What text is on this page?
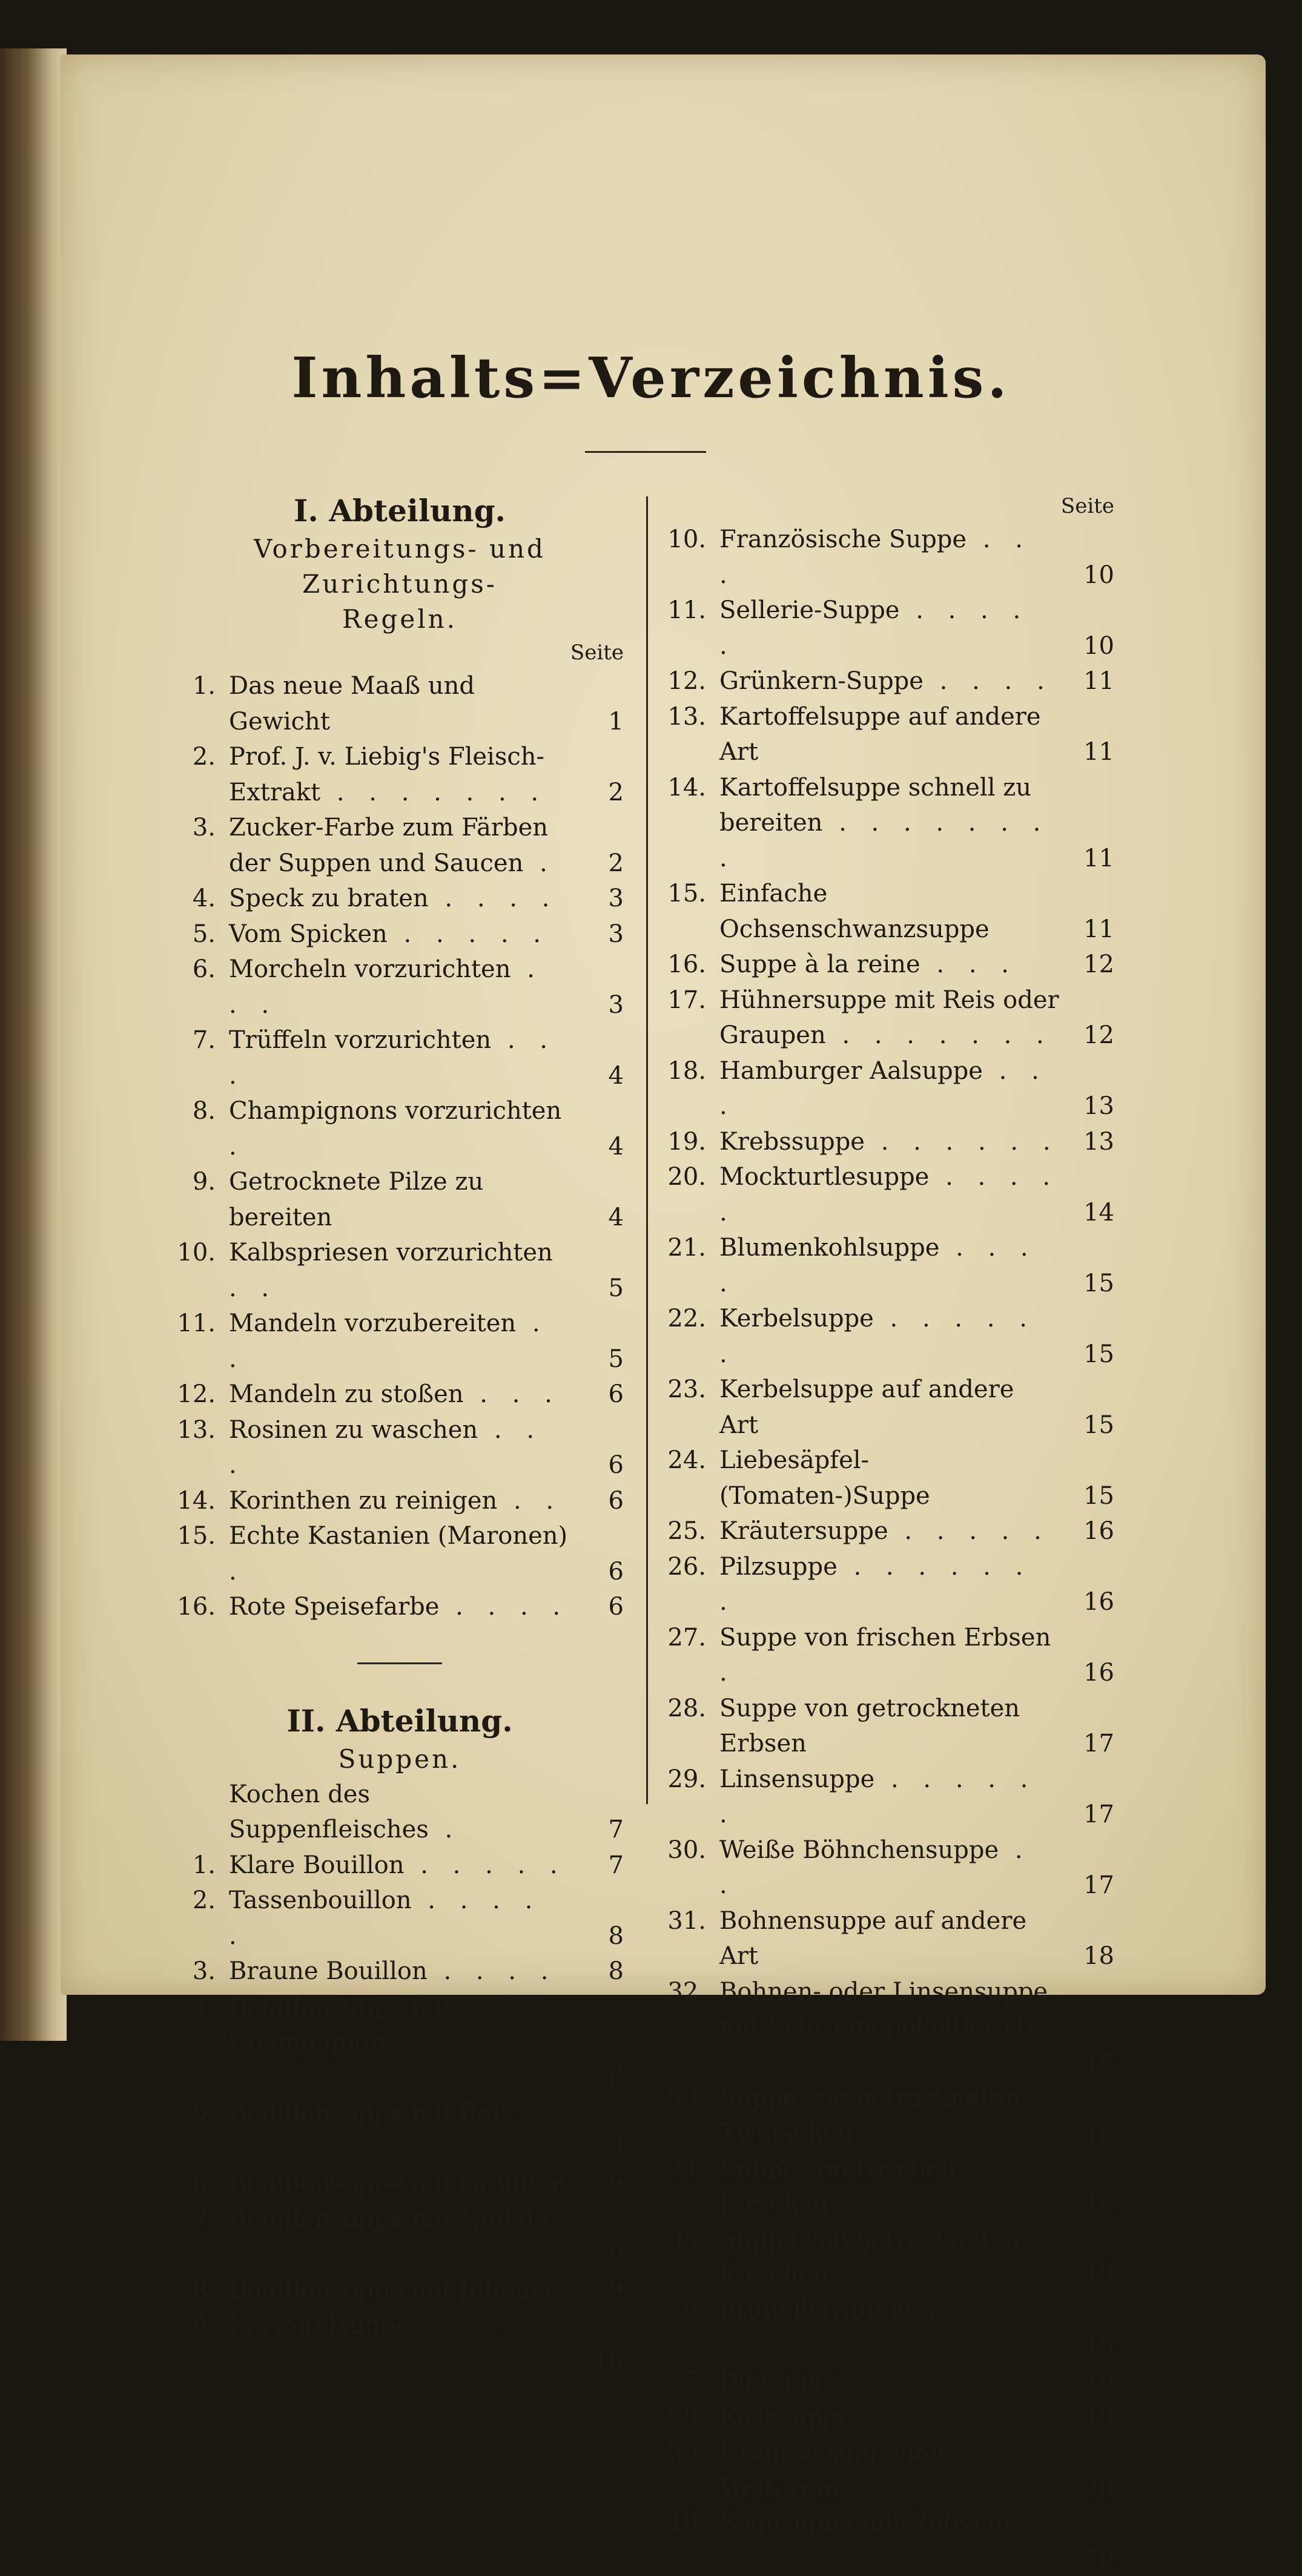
Inhalts=Verzeichnis.
I. Abteilung.
Vorbereitungs- und Zurichtungs-
Regeln.
Seite
1. Das neue Maaß und Gewicht	1
2. Prof. J. v. Liebig's Fleisch-Extrakt . . . . . . .	2
3. Zucker-Farbe zum Färben der Suppen und Saucen .	2
4. Speck zu braten . . . .	3
5. Vom Spicken . . . . .	3
6. Morcheln vorzurichten . . .	3
7. Trüffeln vorzurichten . . .	4
8. Champignons vorzurichten .	4
9. Getrocknete Pilze zu bereiten	4
10. Kalbspriesen vorzurichten . .	5
11. Mandeln vorzubereiten . .	5
12. Mandeln zu stoßen . . .	6
13. Rosinen zu waschen . . .	6
14. Korinthen zu reinigen . .	6
15. Echte Kastanien (Maronen) .	6
16. Rote Speisefarbe . . . .	6
II. Abteilung.
Suppen.
Kochen des Suppenfleisches .	7
1. Klare Bouillon . . . . .	7
2. Tassenbouillon . . . . .	8
3. Braune Bouillon . . . .	8
4. Bouillonsuppe mit Champignons . . . . . . .	8
5. Bouillonsuppe mit Reis . .	9
6. Bouillonsuppe mit Graupen	9
7. Bouillonsuppe mit Nudeln .	9
8. Bouillonsuppe mit Julienne	9
9. Kartoffelsuppe . . . . .	10
Seite
10. Französische Suppe . . .	10
11. Sellerie-Suppe . . . . .	10
12. Grünkern-Suppe . . . .	11
13. Kartoffelsuppe auf andere Art	11
14. Kartoffelsuppe schnell zu bereiten . . . . . . . .	11
15. Einfache Ochsenschwanzsuppe	11
16. Suppe à la reine . . .	12
17. Hühnersuppe mit Reis oder Graupen . . . . . . .	12
18. Hamburger Aalsuppe . . .	13
19. Krebssuppe . . . . . .	13
20. Mockturtlesuppe . . . . .	14
21. Blumenkohlsuppe . . . .	15
22. Kerbelsuppe . . . . . .	15
23. Kerbelsuppe auf andere Art	15
24. Liebesäpfel-(Tomaten-)Suppe	15
25. Kräutersuppe . . . . .	16
26. Pilzsuppe . . . . . . .	16
27. Suppe von frischen Erbsen .	16
28. Suppe von getrockneten Erbsen	17
29. Linsensuppe . . . . . .	17
30. Weiße Böhnchensuppe . .	17
31. Bohnensuppe auf andere Art	18
32. Bohnen- oder Linsensuppe mit Schweinepökelfleisch . . .	18
33. Suppe von getrockneten Zwetschen . . . . . .	18
34. Suppe von frischen Kirschen	18
35. Suppe von getrockneten Kirschen . . . . . . .	19
36. Prünellensuppe . . . . .	19
37. Biersuppe . . . . . .	19
38. Käsesuppe . . . . . .	19
39. Graupensuppe mit Weißwein	20
40. Sagosuppe mit Rotwein . .	20
